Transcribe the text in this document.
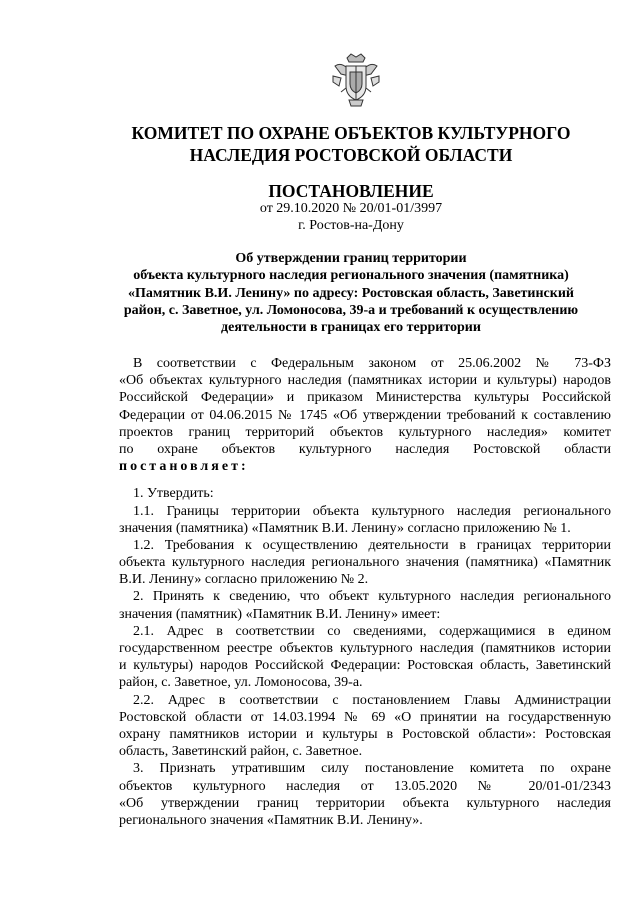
КОМИТЕТ ПО ОХРАНЕ ОБЪЕКТОВ КУЛЬТУРНОГО
НАСЛЕДИЯ РОСТОВСКОЙ ОБЛАСТИ
ПОСТАНОВЛЕНИЕ
от 29.10.2020 № 20/01-01/3997
г. Ростов-на-Дону
Об утверждении границ территории
объекта культурного наследия регионального значения (памятника)
«Памятник В.И. Ленину» по адресу: Ростовская область, Заветинский
район, с. Заветное, ул. Ломоносова, 39-а и требований к осуществлению
деятельности в границах его территории
В соответствии с Федеральным законом от 25.06.2002 № 73-ФЗ
«Об объектах культурного наследия (памятниках истории и культуры) народов
Российской Федерации» и приказом Министерства культуры Российской
Федерации от 04.06.2015 № 1745 «Об утверждении требований к составлению
проектов границ территорий объектов культурного наследия» комитет
по охране объектов культурного наследия Ростовской области
постановляет:
1. Утвердить:
1.1. Границы территории объекта культурного наследия регионального
значения (памятника) «Памятник В.И. Ленину» согласно приложению № 1.
1.2. Требования к осуществлению деятельности в границах территории
объекта культурного наследия регионального значения (памятника) «Памятник
В.И. Ленину» согласно приложению № 2.
2. Принять к сведению, что объект культурного наследия регионального
значения (памятник) «Памятник В.И. Ленину» имеет:
2.1. Адрес в соответствии со сведениями, содержащимися в едином
государственном реестре объектов культурного наследия (памятников истории
и культуры) народов Российской Федерации: Ростовская область, Заветинский
район, с. Заветное, ул. Ломоносова, 39-а.
2.2. Адрес в соответствии с постановлением Главы Администрации
Ростовской области от 14.03.1994 № 69 «О принятии на государственную
охрану памятников истории и культуры в Ростовской области»: Ростовская
область, Заветинский район, с. Заветное.
3. Признать утратившим силу постановление комитета по охране
объектов культурного наследия от 13.05.2020 № 20/01-01/2343
«Об утверждении границ территории объекта культурного наследия
регионального значения «Памятник В.И. Ленину».
